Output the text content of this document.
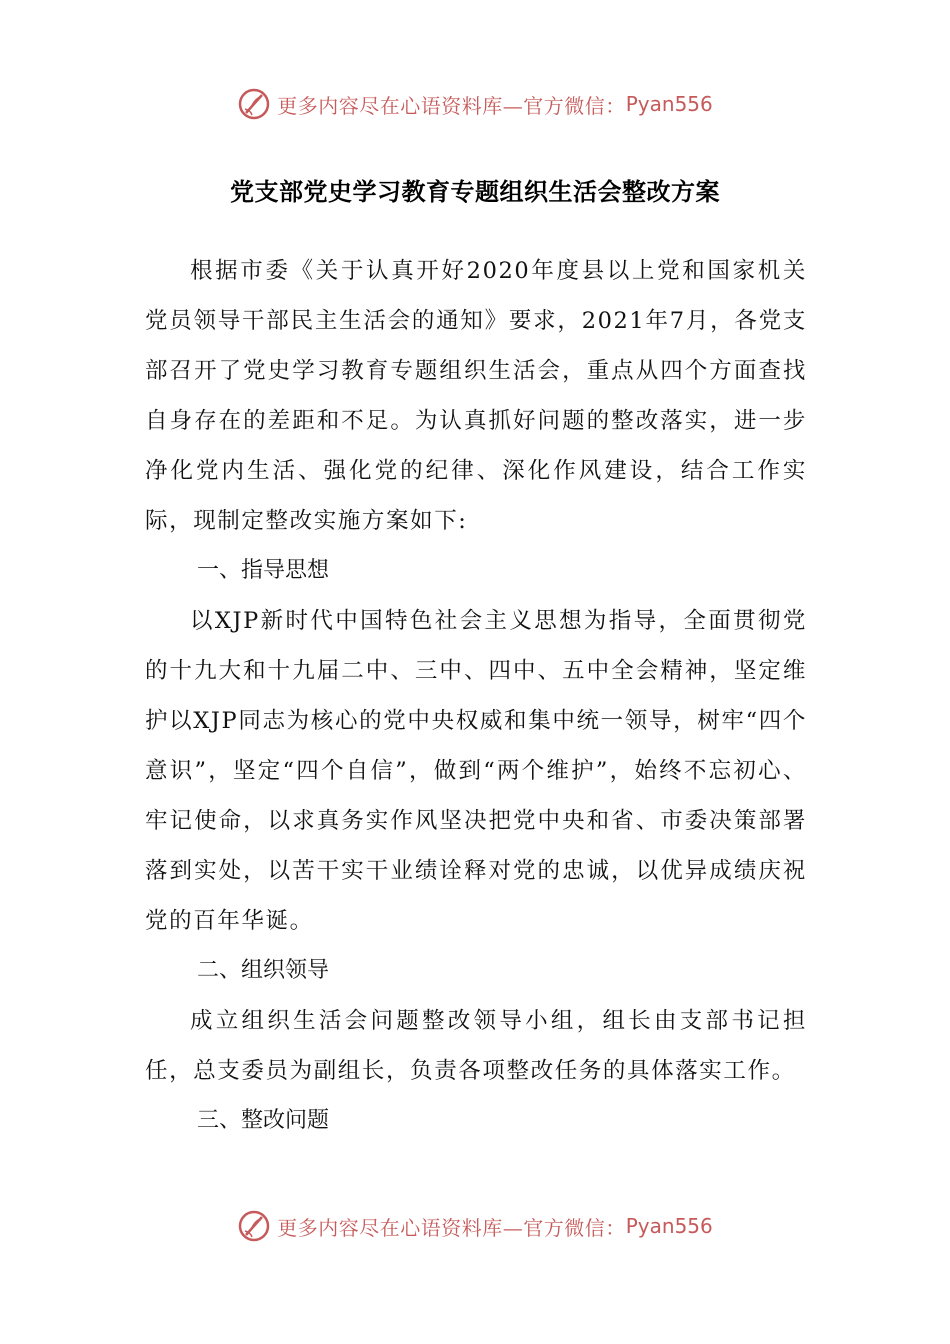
更多内容尽在心语资料库—官方微信： Pyan556
党支部党史学习教育专题组织生活会整改方案

根据市委《关于认真开好2020年度县以上党和国家机关党员领导干部民主生活会的通知》要求，2021年7月，各党支部召开了党史学习教育专题组织生活会，重点从四个方面查找自身存在的差距和不足。为认真抓好问题的整改落实，进一步净化党内生活、强化党的纪律、深化作风建设，结合工作实际，现制定整改实施方案如下:

一、指导思想

以XJP新时代中国特色社会主义思想为指导，全面贯彻党的十九大和十九届二中、三中、四中、五中全会精神，坚定维护以XJP同志为核心的党中央权威和集中统一领导，树牢“四个意识”，坚定“四个自信”，做到“两个维护”，始终不忘初心、牢记使命，以求真务实作风坚决把党中央和省、市委决策部署落到实处，以苦干实干业绩诠释对党的忠诚，以优异成绩庆祝党的百年华诞。

二、组织领导

成立组织生活会问题整改领导小组，组长由支部书记担任，总支委员为副组长，负责各项整改任务的具体落实工作。

三、整改问题
更多内容尽在心语资料库—官方微信： Pyan556
